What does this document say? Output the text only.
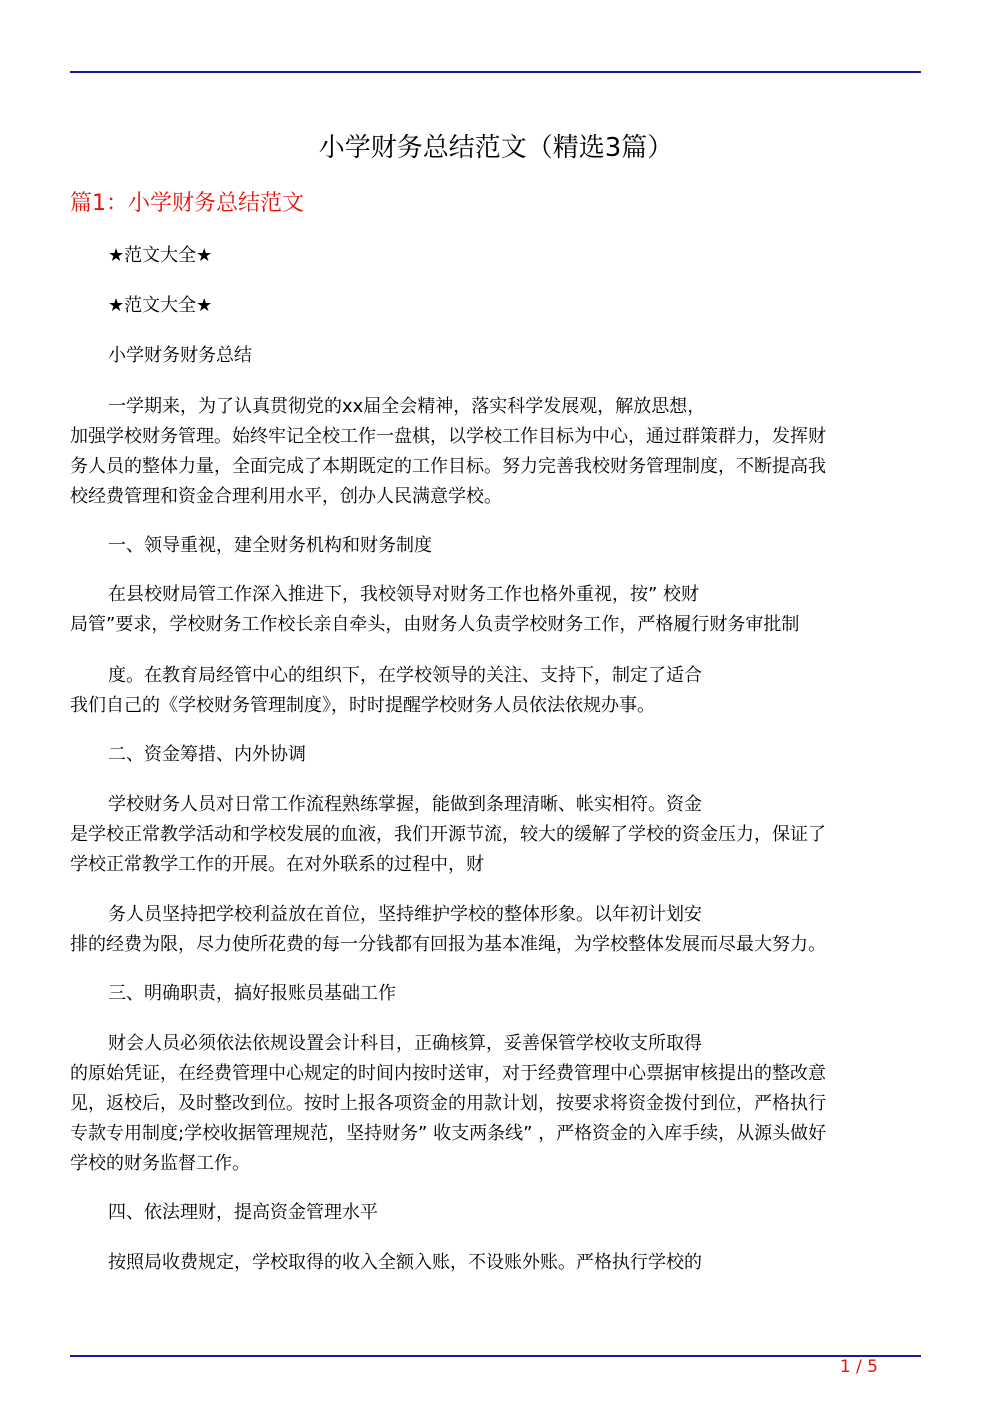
小学财务总结范文（精选3篇）
篇1：小学财务总结范文
★范文大全★
★范文大全★
小学财务财务总结
一学期来，为了认真贯彻党的xx届全会精神，落实科学发展观，解放思想，
加强学校财务管理。始终牢记全校工作一盘棋，以学校工作目标为中心，通过群策群力，发挥财
务人员的整体力量，全面完成了本期既定的工作目标。努力完善我校财务管理制度，不断提高我
校经费管理和资金合理利用水平，创办人民满意学校。
一、领导重视，建全财务机构和财务制度
在县校财局管工作深入推进下，我校领导对财务工作也格外重视，按” 校财
局管”要求，学校财务工作校长亲自牵头，由财务人负责学校财务工作，严格履行财务审批制
度。在教育局经管中心的组织下，在学校领导的关注、支持下，制定了适合
我们自己的《学校财务管理制度》，时时提醒学校财务人员依法依规办事。
二、资金筹措、内外协调
学校财务人员对日常工作流程熟练掌握，能做到条理清晰、帐实相符。资金
是学校正常教学活动和学校发展的血液，我们开源节流，较大的缓解了学校的资金压力，保证了
学校正常教学工作的开展。在对外联系的过程中，财
务人员坚持把学校利益放在首位，坚持维护学校的整体形象。以年初计划安
排的经费为限，尽力使所花费的每一分钱都有回报为基本准绳，为学校整体发展而尽最大努力。
三、明确职责，搞好报账员基础工作
财会人员必须依法依规设置会计科目，正确核算，妥善保管学校收支所取得
的原始凭证，在经费管理中心规定的时间内按时送审，对于经费管理中心票据审核提出的整改意
见，返校后，及时整改到位。按时上报各项资金的用款计划，按要求将资金拨付到位，严格执行
专款专用制度;学校收据管理规范，坚持财务” 收支两条线” ，严格资金的入库手续，从源头做好
学校的财务监督工作。
四、依法理财，提高资金管理水平
按照局收费规定，学校取得的收入全额入账，不设账外账。严格执行学校的
1 / 5
